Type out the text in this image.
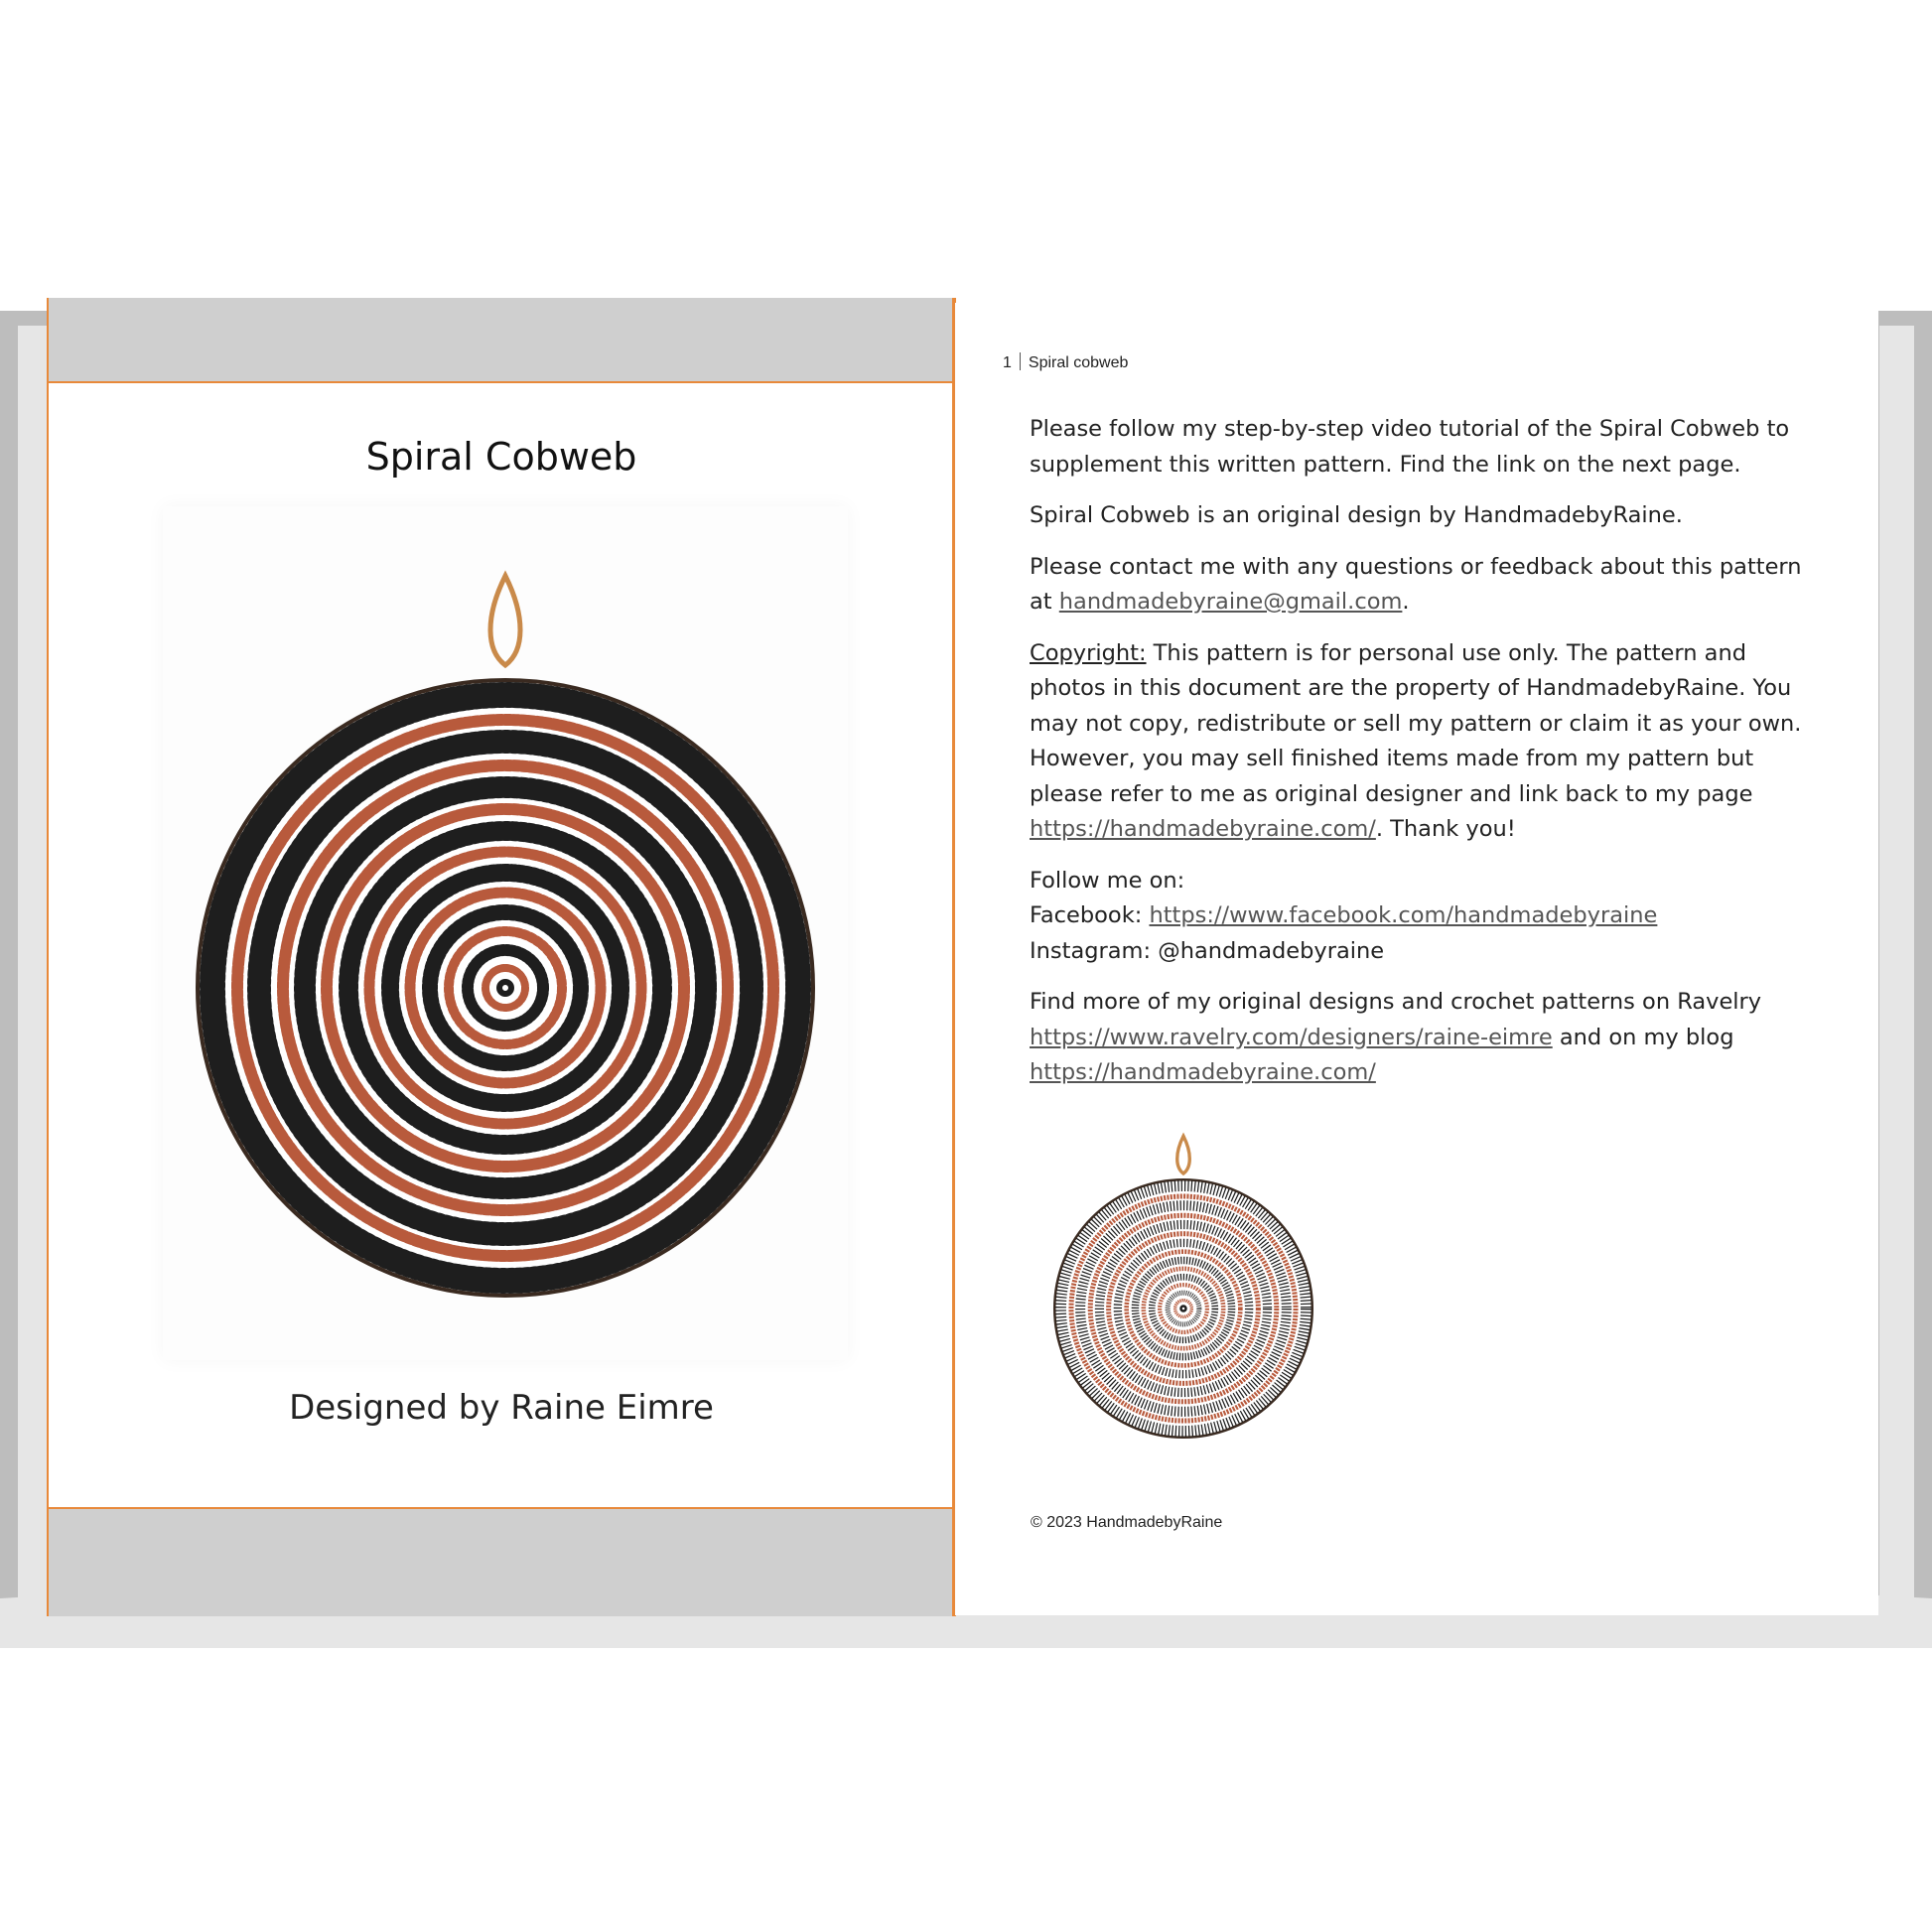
Spiral Cobweb
Designed by Raine Eimre
1 Spiral cobweb

Please follow my step-by-step video tutorial of the Spiral Cobweb to supplement this written pattern. Find the link on the next page.

Spiral Cobweb is an original design by HandmadebyRaine.

Please contact me with any questions or feedback about this pattern at handmadebyraine@gmail.com.

Copyright: This pattern is for personal use only. The pattern and photos in this document are the property of HandmadebyRaine. You may not copy, redistribute or sell my pattern or claim it as your own. However, you may sell finished items made from my pattern but please refer to me as original designer and link back to my page https://handmadebyraine.com/. Thank you!

Follow me on:
Facebook: https://www.facebook.com/handmadebyraine
Instagram: @handmadebyraine

Find more of my original designs and crochet patterns on Ravelry
https://www.ravelry.com/designers/raine-eimre and on my blog
https://handmadebyraine.com/

© 2023 HandmadebyRaine
